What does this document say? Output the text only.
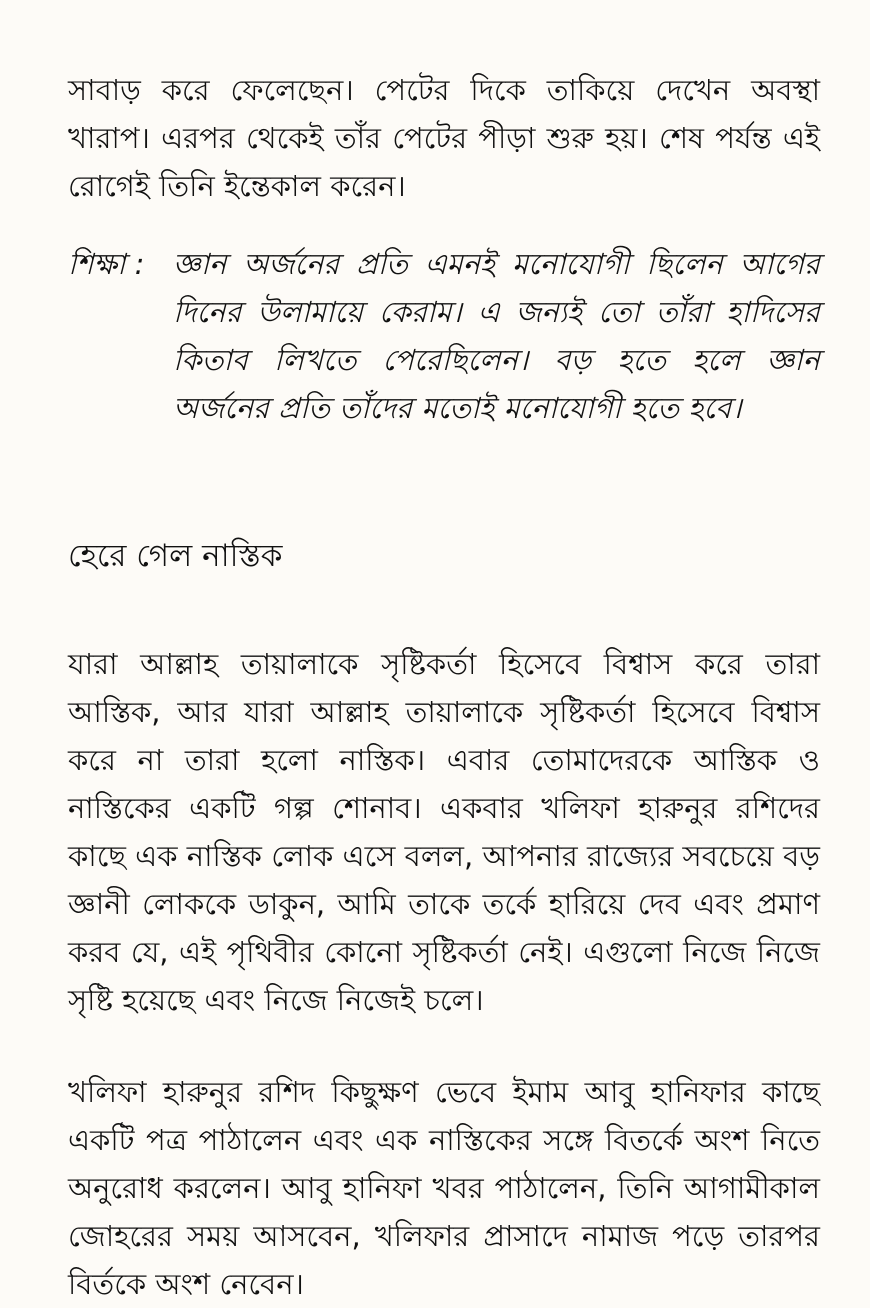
সাবাড় করে ফেলেছেন। পেটের দিকে তাকিয়ে দেখেন অবস্থা খারাপ। এরপর থেকেই তাঁর পেটের পীড়া শুরু হয়। শেষ পর্যন্ত এই রোগেই তিনি ইন্তেকাল করেন।

শিক্ষা : জ্ঞান অর্জনের প্রতি এমনই মনোযোগী ছিলেন আগের দিনের উলামায়ে কেরাম। এ জন্যই তো তাঁরা হাদিসের কিতাব লিখতে পেরেছিলেন। বড় হতে হলে জ্ঞান অর্জনের প্রতি তাঁদের মতোই মনোযোগী হতে হবে।
হেরে গেল নাস্তিক

যারা আল্লাহ তায়ালাকে সৃষ্টিকর্তা হিসেবে বিশ্বাস করে তারা আস্তিক, আর যারা আল্লাহ তায়ালাকে সৃষ্টিকর্তা হিসেবে বিশ্বাস করে না তারা হলো নাস্তিক। এবার তোমাদেরকে আস্তিক ও নাস্তিকের একটি গল্প শোনাব। একবার খলিফা হারুনুর রশিদের কাছে এক নাস্তিক লোক এসে বলল, আপনার রাজ্যের সবচেয়ে বড় জ্ঞানী লোককে ডাকুন, আমি তাকে তর্কে হারিয়ে দেব এবং প্রমাণ করব যে, এই পৃথিবীর কোনো সৃষ্টিকর্তা নেই। এগুলো নিজে নিজে সৃষ্টি হয়েছে এবং নিজে নিজেই চলে।

খলিফা হারুনুর রশিদ কিছুক্ষণ ভেবে ইমাম আবু হানিফার কাছে একটি পত্র পাঠালেন এবং এক নাস্তিকের সঙ্গে বিতর্কে অংশ নিতে অনুরোধ করলেন। আবু হানিফা খবর পাঠালেন, তিনি আগামীকাল জোহরের সময় আসবেন, খলিফার প্রাসাদে নামাজ পড়ে তারপর বির্তকে অংশ নেবেন।
